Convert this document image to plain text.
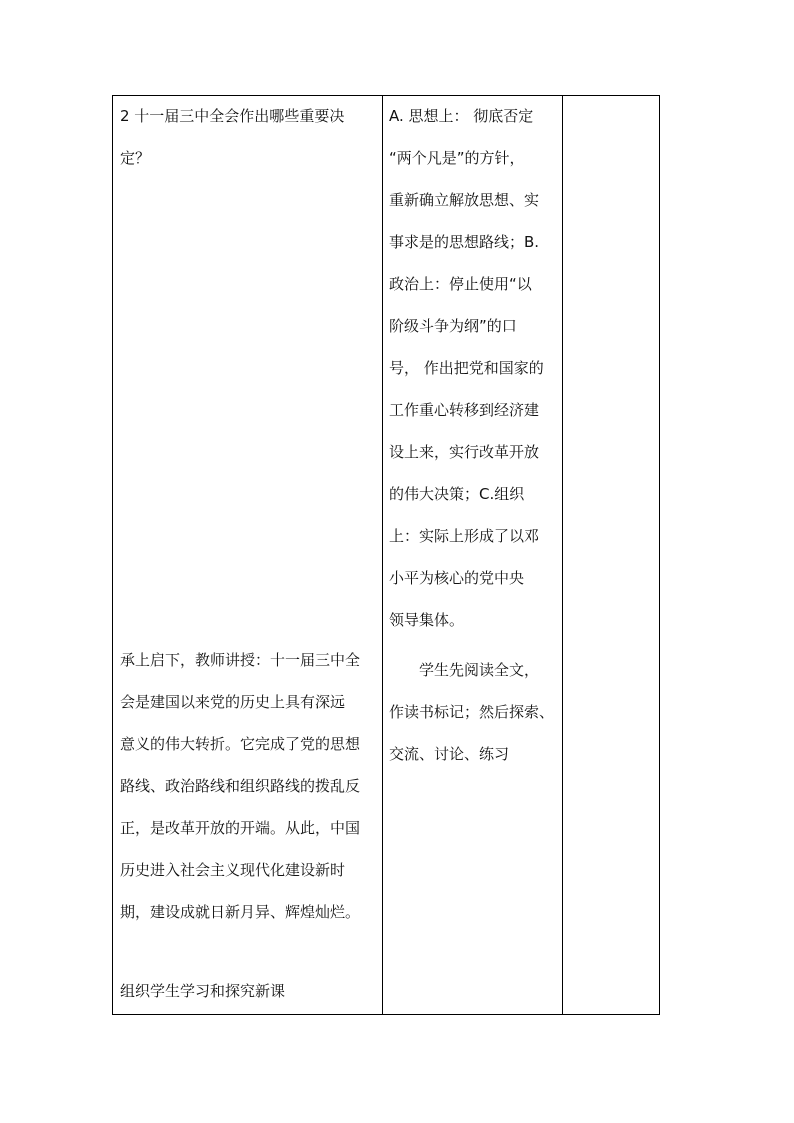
2 十一届三中全会作出哪些重要决
定？
承上启下，教师讲授：十一届三中全
会是建国以来党的历史上具有深远
意义的伟大转折。它完成了党的思想
路线、政治路线和组织路线的拨乱反
正，是改革开放的开端。从此，中国
历史进入社会主义现代化建设新时
期，建设成就日新月异、辉煌灿烂。
组织学生学习和探究新课
A. 思想上： 彻底否定
“两个凡是”的方针，
重新确立解放思想、实
事求是的思想路线；B.
政治上：停止使用“以
阶级斗争为纲”的口
号， 作出把党和国家的
工作重心转移到经济建
设上来，实行改革开放
的伟大决策；C.组织
上：实际上形成了以邓
小平为核心的党中央
领导集体。
学生先阅读全文，
作读书标记；然后探索、
交流、讨论、练习
